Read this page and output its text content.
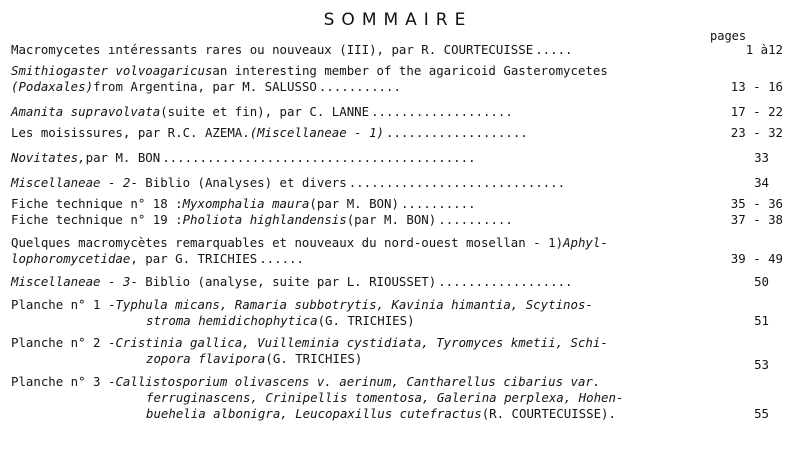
SOMMAIRE
pages
Macromycetes ıntéressants rares ou nouveaux (III), par R. COURTECUISSE .....	1 à12
Smithiogaster volvoagaricus an interesting member of the agaricoid Gasteromycetes
(Podaxales) from Argentina, par M. SALUSSO ...........	13 - 16
Amanita supravolvata (suite et fin), par C. LANNE ...................	17 - 22
Les moisissures, par R.C. AZEMA. (Miscellaneae - 1) ...................	23 - 32
Novitates, par M. BON ..........................................	33
Miscellaneae - 2 - Biblio (Analyses) et divers .............................	34
Fiche technique n° 18 : Myxomphalia maura (par M. BON) ..........	35 - 36
Fiche technique n° 19 : Pholiota highlandensis (par M. BON) ..........	37 - 38
Quelques macromycètes remarquables et nouveaux du nord-ouest mosellan - 1) Aphyl-
lophoromycetidae , par G. TRICHIES ......	39 - 49
Miscellaneae - 3 - Biblio (analyse, suite par L. RIOUSSET) ..................	50
Planche n° 1 - Typhula micans, Ramaria subbotrytis, Kavinia himantia, Scytinos-
stroma hemidichophytica (G. TRICHIES) ...........................	51
Planche n° 2 - Cristinia gallica, Vuilleminia cystidiata, Tyromyces kmetii, Schi-
zopora flavipora (G. TRICHIES) .........................	53
Planche n° 3 - Callistosporium olivascens v. aerinum, Cantharellus cibarius var.
ferruginascens, Crinipellis tomentosa, Galerina perplexa, Hohen-
buehelia albonigra, Leucopaxillus cutefractus (R. COURTECUISSE).	55
